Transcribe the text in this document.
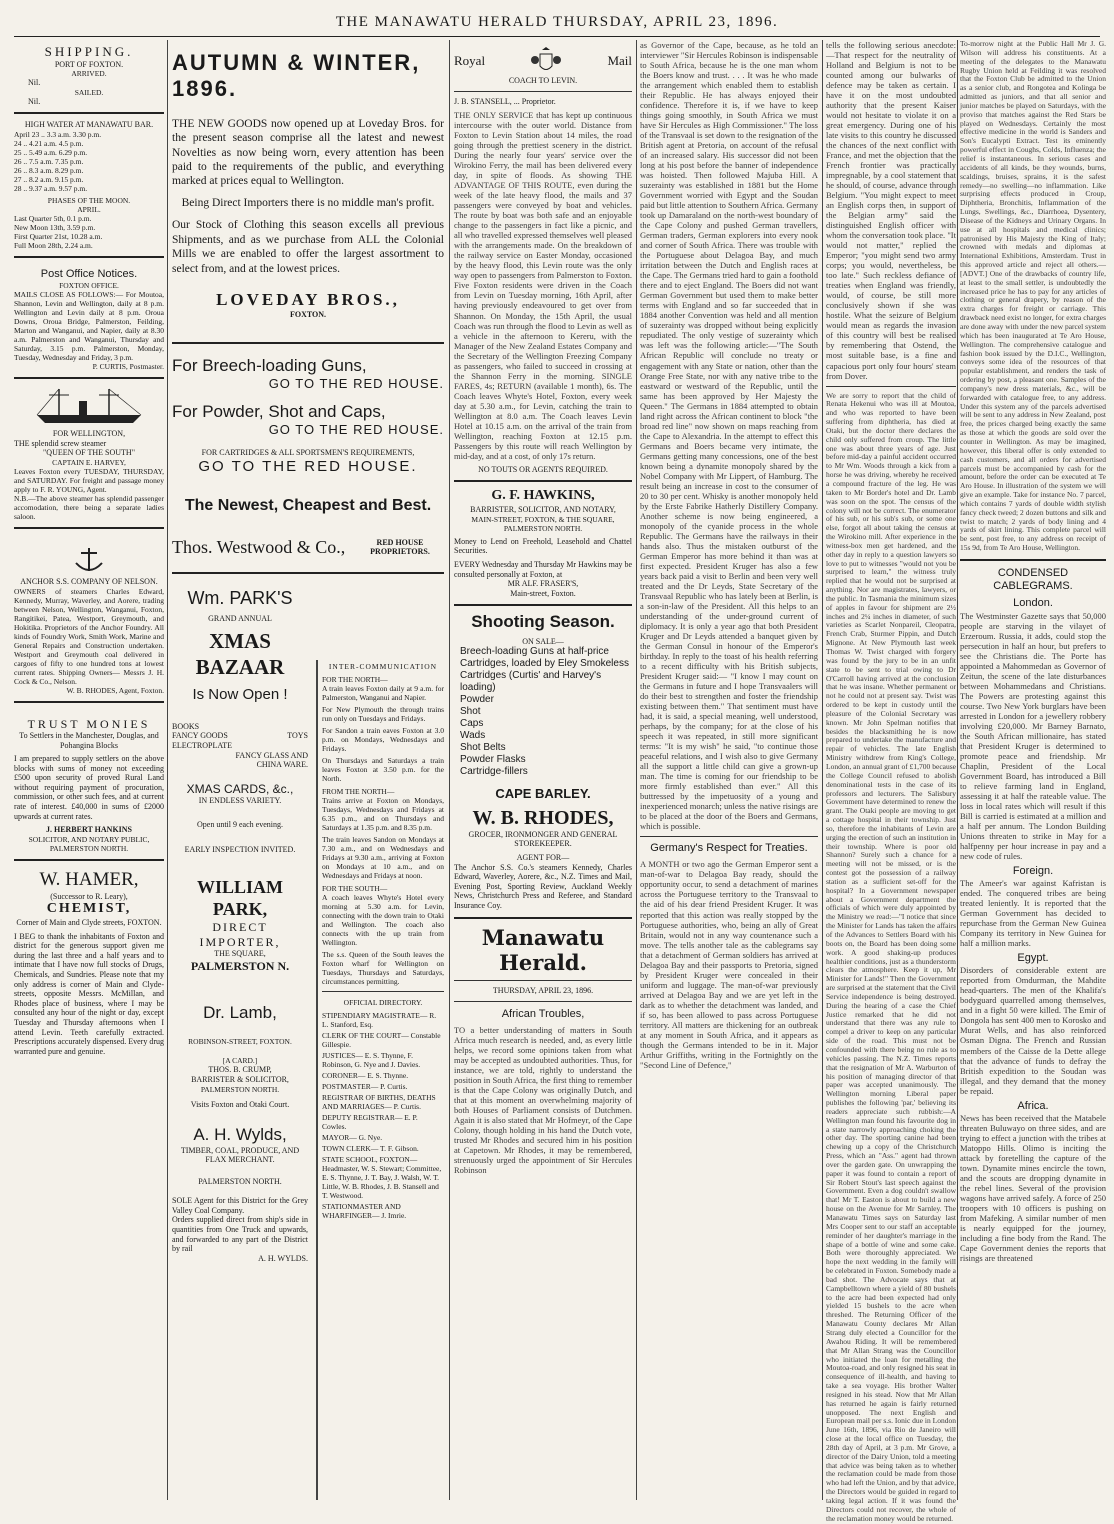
THE MANAWATU HERALD THURSDAY, APRIL 23, 1896.
SHIPPING.
PORT OF FOXTON.
ARRIVED.
Nil.
SAILED.
Nil.
HIGH WATER AT MANAWATU BAR.
April 23 .. 3.3 a.m. 3.30 p.m.
24 .. 4.21 a.m. 4.5 p.m.
25 .. 5.49 a.m. 6.29 p.m.
26 .. 7.5 a.m. 7.35 p.m.
26 .. 8.3 a.m. 8.29 p.m.
27 .. 8.2 a.m. 9.15 p.m.
28 .. 9.37 a.m. 9.57 p.m.
PHASES OF THE MOON.
APRIL.
Last Quarter 5th, 0.1 p.m.
New Moon 13th, 3.59 p.m.
First Quarter 21st, 10.28 a.m.
Full Moon 28th, 2.24 a.m.
Post Office Notices.
FOXTON OFFICE.
MAILS CLOSE AS FOLLOWS:— For Moutoa, Shannon, Levin and Wellington, daily at 8 p.m. Wellington and Levin daily at 8 p.m. Oroua Downs, Oroua Bridge, Palmerston, Feilding, Marton and Wanganui, and Napier, daily at 8.30 a.m. Palmerston and Wanganui, Thursday and Saturday, 3.15 p.m. Palmerston, Monday, Tuesday, Wednesday and Friday, 3 p.m.
P. CURTIS, Postmaster.
FOR WELLINGTON,
THE splendid screw steamer
"QUEEN OF THE SOUTH"
CAPTAIN E. HARVEY,
Leaves Foxton every TUESDAY, THURSDAY, and SATURDAY. For freight and passage money apply to F. R. YOUNG, Agent.
N.B.—The above steamer has splendid passenger accomodation, there being a separate ladies saloon.
ANCHOR S.S. COMPANY OF NELSON.
OWNERS of steamers Charles Edward, Kennedy, Murray, Waverley, and Aorere, trading between Nelson, Wellington, Wanganui, Foxton, Rangitikei, Patea, Westport, Greymouth, and Hokitika. Proprietors of the Anchor Foundry. All kinds of Foundry Work, Smith Work, Marine and General Repairs and Construction undertaken. Westport and Greymouth coal delivered in cargoes of fifty to one hundred tons at lowest current rates. Shipping Owners— Messrs J. H. Cock & Co., Nelson.
W. B. RHODES, Agent, Foxton.
TRUST MONIES
To Settlers in the Manchester, Douglas, and Pohangina Blocks
I am prepared to supply settlers on the above blocks with sums of money not exceeding £500 upon security of proved Rural Land without requiring payment of procuration, commission, or other such fees, and at current rate of interest. £40,000 in sums of £2000 upwards at current rates.
J. HERBERT HANKINS
SOLICITOR, AND NOTARY PUBLIC, PALMERSTON NORTH.
W. HAMER,
(Successor to R. Leary),
CHEMIST,
Corner of Main and Clyde streets, FOXTON.
I BEG to thank the inhabitants of Foxton and district for the generous support given me during the last three and a half years and to intimate that I have now full stocks of Drugs, Chemicals, and Sundries. Please note that my only address is corner of Main and Clyde-streets, opposite Messrs. McMillan, and Rhodes place of business, where I may be consulted any hour of the night or day, except Tuesday and Thursday afternoons when I attend Levin. Teeth carefully extracted. Prescriptions accurately dispensed. Every drug warranted pure and genuine.
AUTUMN & WINTER, 1896.
THE NEW GOODS now opened up at Loveday Bros. for the present season comprise all the latest and newest Novelties as now being worn, every attention has been paid to the requirements of the public, and everything marked at prices equal to Wellington.
Being Direct Importers there is no middle man's profit.
Our Stock of Clothing this season excells all previous Shipments, and as we purchase from ALL the Colonial Mills we are enabled to offer the largest assortment to select from, and at the lowest prices.
LOVEDAY BROS.,
FOXTON.
For Breech-loading Guns,
GO TO THE RED HOUSE.
For Powder, Shot and Caps,
GO TO THE RED HOUSE.
FOR CARTRIDGES & ALL SPORTSMEN'S REQUIREMENTS,
GO TO THE RED HOUSE.
The Newest, Cheapest and Best.
Thos. Westwood & Co.,	RED HOUSE PROPRIETORS.
Wm. PARK'S
GRAND ANNUAL
XMAS BAZAAR
Is Now Open !
BOOKS
FANCY GOODS	TOYS
ELECTROPLATE
FANCY GLASS AND
CHINA WARE.
XMAS CARDS, &c.,
IN ENDLESS VARIETY.
Open until 9 each evening.
EARLY INSPECTION INVITED.
WILLIAM PARK,
DIRECT IMPORTER,
THE SQUARE,
PALMERSTON N.
Dr. Lamb,
ROBINSON-STREET, FOXTON.
[A CARD.]
THOS. B. CRUMP,
BARRISTER & SOLICITOR,
PALMERSTON NORTH.
Visits Foxton and Otaki Court.
A. H. Wylds,
TIMBER, COAL, PRODUCE, AND FLAX MERCHANT.
PALMERSTON NORTH.
SOLE Agent for this District for the Grey Valley Coal Company.
Orders supplied direct from ship's side in quantities from One Truck and upwards, and forwarded to any part of the District by rail
A. H. WYLDS.
INTER-COMMUNICATION
FOR THE NORTH—
A train leaves Foxton daily at 9 a.m. for Palmerston, Wanganui and Napier.
For New Plymouth the through trains run only on Tuesdays and Fridays.
For Sandon a train eaves Foxton at 3.0 p.m. on Mondays, Wednesdays and Fridays.
On Thursdays and Saturdays a train leaves Foxton at 3.50 p.m. for the North.
FROM THE NORTH—
Trains arrive at Foxton on Mondays, Tuesdays, Wednesdays and Fridays at 6.35 p.m., and on Thursdays and Saturdays at 1.35 p.m. and 8.35 p.m.
The train leaves Sandon on Mondays at 7.30 a.m., and on Wednesdays and Fridays at 9.30 a.m., arriving at Foxton on Mondays at 10 a.m., and on Wednesdays and Fridays at noon.
FOR THE SOUTH—
A coach leaves Whyte's Hotel every morning at 5.30 a.m. for Levin, connecting with the down train to Otaki and Wellington. The coach also connects with the up train from Wellington.
The s.s. Queen of the South leaves the Foxton wharf for Wellington on Tuesdays, Thursdays and Saturdays, circumstances permitting.
OFFICIAL DIRECTORY.

STIPENDIARY MAGISTRATE— R. L. Stanford, Esq.

CLERK OF THE COURT— Constable Gillespie.

JUSTICES— E. S. Thynne, F. Robinson, G. Nye and J. Davies.

CORONER— E. S. Thynne.

POSTMASTER— P. Curtis.

REGISTRAR OF BIRTHS, DEATHS AND MARRIAGES— P. Curtis.

DEPUTY REGISTRAR— E. P. Cowles.

MAYOR— G. Nye.

TOWN CLERK— T. F. Gibson.

STATE SCHOOL, FOXTON— Headmaster, W. S. Stewart; Committee, E. S. Thynne, J. T. Bay, J. Walsh, W. T. Little, W. B. Rhodes, J. B. Stansell and T. Westwood.

STATIONMASTER AND WHARFINGER— J. Imrie.

Royal	Mail
COACH TO LEVIN.
J. B. STANSELL, ... Proprietor.
THE ONLY SERVICE that has kept up continuous intercourse with the outer world. Distance from Foxton to Levin Station about 14 miles, the road going through the prettiest scenery in the district. During the nearly four years' service over the Wirokino Ferry, the mail has been delivered every day, in spite of floods. As showing THE ADVANTAGE OF THIS ROUTE, even during the week of the late heavy flood, the mails and 37 passengers were conveyed by boat and vehicles. The route by boat was both safe and an enjoyable change to the passengers in fact like a picnic, and all who travelled expressed themselves well pleased with the arrangements made. On the breakdown of the railway service on Easter Monday, occasioned by the heavy flood, this Levin route was the only way open to passengers from Palmerston to Foxton. Five Foxton residents were driven in the Coach from Levin on Tuesday morning, 16th April, after having previously endeavoured to get over from Shannon. On Monday, the 15th April, the usual Coach was run through the flood to Levin as well as a vehicle in the afternoon to Kereru, with the Manager of the New Zealand Estates Company and the Secretary of the Wellington Freezing Company as passengers, who failed to succeed in crossing at the Shannon Ferry in the morning. SINGLE FARES, 4s; RETURN (available 1 month), 6s. The Coach leaves Whyte's Hotel, Foxton, every week day at 5.30 a.m., for Levin, catching the train to Wellington at 8.0 a.m. The Coach leaves Levin Hotel at 10.15 a.m. on the arrival of the train from Wellington, reaching Foxton at 12.15 p.m. Passengers by this route will reach Wellington by mid-day, and at a cost, of only 17s return.
NO TOUTS OR AGENTS REQUIRED.
G. F. HAWKINS,
BARRISTER, SOLICITOR, AND NOTARY,
MAIN-STREET, FOXTON, & THE SQUARE, PALMERSTON NORTH.
Money to Lend on Freehold, Leasehold and Chattel Securities.
EVERY Wednesday and Thursday Mr Hawkins may be consulted personally at Foxton, at
MR ALF. FRASER'S,
Main-street, Foxton.
Shooting Season.
ON SALE—
Breech-loading Guns at half-price
Cartridges, loaded by Eley Smokeless Cartridges (Curtis' and Harvey's loading)
Powder
Shot
Caps
Wads
Shot Belts
Powder Flasks
Cartridge-fillers
CAPE BARLEY.
W. B. RHODES,
GROCER, IRONMONGER AND GENERAL STOREKEEPER.
AGENT FOR—
The Anchor S.S. Co.'s steamers Kennedy, Charles Edward, Waverley, Aorere, &c., N.Z. Times and Mail, Evening Post, Sporting Review, Auckland Weekly News, Christchurch Press and Referee, and Standard Insurance Coy.
Manawatu Herald.
THURSDAY, APRIL 23, 1896.
African Troubles,
TO a better understanding of matters in South Africa much research is needed, and, as every little helps, we record some opinions taken from what may be accepted as undoubted authorities. Thus, for instance, we are told, rightly to understand the position in South Africa, the first thing to remember is that the Cape Colony was originally Dutch, and that at this moment an overwhelming majority of both Houses of Parliament consists of Dutchmen. Again it is also stated that Mr Hofmeyr, of the Cape Colony, though holding in his hand the Dutch vote, trusted Mr Rhodes and secured him in his position at Capetown. Mr Rhodes, it may be remembered, strenuously urged the appointment of Sir Hercules Robinson
as Governor of the Cape, because, as he told an interviewer "Sir Hercules Robinson is indispensable to South Africa, because he is the one man whom the Boers know and trust. . . . It was he who made the arrangement which enabled them to establish their Republic. He has always enjoyed their confidence. Therefore it is, if we have to keep things going smoothly, in South Africa we must have Sir Hercules as High Commissioner." The loss of the Transvaal is set down to the resignation of the British agent at Pretoria, on account of the refusal of an increased salary. His successor did not been long at his post before the banner of independence was hoisted. Then followed Majuba Hill. A suzerainty was established in 1881 but the Home Government worried with Egypt and the Soudan paid but little attention to Southern Africa. Germany took up Damaraland on the north-west boundary of the Cape Colony and pushed German travellers, German traders, German explorers into every nook and corner of South Africa. There was trouble with the Portuguese about Delagoa Bay, and much irritation between the Dutch and English races at the Cape. The Germans tried hard to gain a foothold there and to eject England. The Boers did not want German Government but used them to make better terms with England and so far succeeded that in 1884 another Convention was held and all mention of suzerainty was dropped without being explicitly repudiated. The only vestige of suzerainty which was left was the following article:—"The South African Republic will conclude no treaty or engagement with any State or nation, other than the Orange Free State, nor with any native tribe to the eastward or westward of the Republic, until the same has been approved by Her Majesty the Queen." The Germans in 1884 attempted to obtain land right across the African continent to block "the broad red line" now shown on maps reaching from the Cape to Alexandria. In the attempt to effect this Germans and Boers became very intimate, the Germans getting many concessions, one of the best known being a dynamite monopoly shared by the Nobel Company with Mr Lippert, of Hamburg. The result being an increase in cost to the consumer of 20 to 30 per cent. Whisky is another monopoly held by the Erste Fabrike Hatherly Distillery Company. Another scheme is now being engineered, a monopoly of the cyanide process in the whole Republic. The Germans have the railways in their hands also. Thus the mistaken outburst of the German Emperor has more behind it than was at first expected. President Kruger has also a few years back paid a visit to Berlin and been very well treated and the Dr Leyds, State Secretary of the Transvaal Republic who has lately been at Berlin, is a son-in-law of the President. All this helps to an understanding of the under-ground current of diplomacy. It is only a year ago that both President Kruger and Dr Leyds attended a banquet given by the German Consul in honour of the Emperor's birthday. In reply to the toast of his health referring to a recent difficulty with his British subjects, President Kruger said:— "I know I may count on the Germans in future and I hope Transvaalers will do their best to strengthen and foster the friendship existing between them." That sentiment must have had, it is said, a special meaning, well understood, perhaps, by the company; for at the close of his speech it was repeated, in still more significant terms: "It is my wish" he said, "to continue those peaceful relations, and I wish also to give Germany all the support a little child can give a grown-up man. The time is coming for our friendship to be more firmly established than ever." All this buttressed by the impetuosity of a young and inexperienced monarch; unless the native risings are to be placed at the door of the Boers and Germans, which is possible.
Germany's Respect for Treaties.
A MONTH or two ago the German Emperor sent a man-of-war to Delagoa Bay ready, should the opportunity occur, to send a detachment of marines across the Portuguese territory to the Transvaal to the aid of his dear friend President Kruger. It was reported that this action was really stopped by the Portuguese authorities, who, being an ally of Great Britain, would not in any way countenance such a move. The tells another tale as the cablegrams say that a detachment of German soldiers has arrived at Delagoa Bay and their passports to Pretoria, signed by President Kruger were concealed in their uniform and luggage. The man-of-war previously arrived at Delagoa Bay and we are yet left in the dark as to whether the detachment was landed, and if so, has been allowed to pass across Portuguese territory. All matters are thickening for an outbreak at any moment in South Africa, and it appears as though the Germans intended to be in it. Major Arthur Griffiths, writing in the Fortnightly on the "Second Line of Defence,"
tells the following serious anecdote: —That respect for the neutrality of Holland and Belgium is not to be counted among our bulwarks of defence may be taken as certain. I have it on the most undoubted authority that the present Kaiser would not hesitate to violate it on a great emergency. During one of his late visits to this country he discussed the chances of the next conflict with France, and met the objection that the French frontier was practically impregnable, by a cool statement that he should, of course, advance through Belgium. "You might expect to meet an English corps then, in support of the Belgian army" said the distinguished English officer with whom the conversation took place. "It would not matter," replied the Emperor; "you might send two army corps; you would, nevertheless, be too late." Such reckless defiance of treaties when England was friendly, would, of course, be still more conclusively shown if she was hostile. What the seizure of Belgium would mean as regards the invasion of this country will best be realised by remembering that Ostend, the most suitable base, is a fine and capacious port only four hours' steam from Dover.
We are sorry to report that the child of Renata Hekenui who was ill at Moutoa, and who was reported to have been suffering from diphtheria, has died at Otaki, but the doctor there declares the child only suffered from croup. The little one was about three years of age. Just before mid-day a painful accident occurred to Mr Wm. Woods through a kick from a horse he was driving, whereby he received a compound fracture of the leg. He was taken to Mr Border's hotel and Dr. Lamb was soon on the spot. The census of the colony will not be correct. The enumerator of his sub, or his sub's sub, or some one else, forgot all about taking the census at the Wirokino mill. After experience in the witness-box men get hardened, and the other day in reply to a question lawyers so love to put to witnesses "would not you be surprised to learn," the witness truly replied that he would not be surprised at anything. Nor are magistrates, lawyers, or the public. In Tasmania the minimum sizes of apples in favour for shipment are 2½ inches and 2¼ inches in diameter, of such varieties as Scarlet Nonpareil, Cleopatra, French Crab, Sturmer Pippin, and Dutch Mignone. At New Plymouth last week Thomas W. Twist charged with forgery was found by the jury to be in an unfit state to be sent to trial owing to Dr O'Carroll having arrived at the conclusion that he was insane. Whether permanent or not he could not at present say. Twist was ordered to be kept in custody until the pleasure of the Colonial Secretary was known. Mr John Spelman notifies that besides the blacksmithing he is now prepared to undertake the manufacture and repair of vehicles. The late English Ministry withdrew from King's College, London, an annual grant of £1,700 because the College Council refused to abolish denominational tests in the case of its professors and lecturers. The Salisbury Government have determined to renew the grant. The Otaki people are moving to get a cottage hospital in their township. Just so, therefore the inhabitants of Levin are urging the erection of such an institution in their township. Where is poor old Shannon? Surely such a chance for a meeting will not be missed, or is the contest got the possession of a railway station as a sufficient set-off for the hospital? In a Government newspaper about a Government department the officials of which were duly appointed by the Ministry we read:—"I notice that since the Minister for Lands has taken the affairs of the Advances to Settlers Board with his boots on, the Board has been doing some work. A good shaking-up produces healthier conditions, just as a thunderstorm clears the atmosphere. Keep it up, Mr Minister for Lands!" Then the Government are surprised at the statement that the Civil Service independence is being destroyed. During the hearing of a case the Chief Justice remarked that he did not understand that there was any rule to compel a driver to keep on any particular side of the road. This must not be confounded with there being no rule as to vehicles passing. The N.Z. Times reports that the resignation of Mr A. Warburton of his position of managing director of that paper was accepted unanimously. The Wellington morning Liberal paper publishes the following 'par,' believing its readers appreciate such rubbish:—A Wellington man found his favourite dog in a state narrowly approaching choking the other day. The sporting canine had been chewing up a copy of the Christchurch Press, which an "Ass." agent had thrown over the garden gate. On unwrapping the paper it was found to contain a report of Sir Robert Stout's last speech against the Government. Even a dog couldn't swallow that! Mr T. Easton is about to build a new house on the Avenue for Mr Sarnley. The Manawatu Times says on Saturday last Mrs Cooper sent to our staff an acceptable reminder of her daughter's marriage in the shape of a bottle of wine and some cake. Both were thoroughly appreciated. We hope the next wedding in the family will be celebrated in Foxton. Somebody made a bad shot. The Advocate says that at Campbelltown where a yield of 80 bushels to the acre had been expected had only yielded 15 bushels to the acre when threshed. The Returning Officer of the Manawatu County declares Mr Allan Strang duly elected a Councillor for the Awahou Riding. It will be remembered that Mr Allan Strang was the Councillor who initiated the loan for metalling the Moutoa-road, and only resigned his seat in consequence of ill-health, and having to take a sea voyage. His brother Walter resigned in his stead. Now that Mr Allan has returned he again is fairly returned unopposed. The next English and European mail per s.s. Ionic due in London June 16th, 1896, via Rio de Janeiro will close at the local office on Tuesday, the 28th day of April, at 3 p.m. Mr Grove, a director of the Dairy Union, told a meeting that advice was being taken as to whether the reclamation could be made from those who had left the Union, and by that advice, the Directors would be guided in regard to taking legal action. If it was found the Directors could not recover, the whole of the reclamation money would be returned.
To-morrow night at the Public Hall Mr J. G. Wilson will address his constituents. At a meeting of the delegates to the Manawatu Rugby Union held at Feilding it was resolved that the Foxton Club be admitted to the Union as a senior club, and Rongotea and Kolinga be admitted as juniors, and that all senior and junior matches be played on Saturdays, with the proviso that matches against the Red Stars be played on Wednesdays. Certainly the most effective medicine in the world is Sanders and Son's Eucalypti Extract. Test its eminently powerful effect in Coughs, Colds, Influenza; the relief is instantaneous. In serious cases and accidents of all kinds, be they wounds, burns, scaldings, bruises, sprains, it is the safest remedy—no swelling—no inflammation. Like surprising effects produced in Croup, Diphtheria, Bronchitis, Inflammation of the Lungs, Swellings, &c., Diarrhoea, Dysentery, Disease of the Kidneys and Urinary Organs. In use at all hospitals and medical clinics; patronised by His Majesty the King of Italy; crowned with medals and diplomas at International Exhibitions, Amsterdam. Trust in this approved article and reject all others.— [ADVT.] One of the drawbacks of country life, at least to the small settler, is undoubtedly the increased price he has to pay for any articles of clothing or general drapery, by reason of the extra charges for freight or carriage. This drawback need exist no longer, for extra charges are done away with under the new parcel system which has been inaugurated at Te Aro House, Wellington. The comprehensive catalogue and fashion book issued by the D.I.C., Wellington, conveys some idea of the resources of that popular establishment, and renders the task of ordering by post, a pleasant one. Samples of the company's new dress materials, &c., will be forwarded with catalogue free, to any address. Under this system any of the parcels advertised will be sent to any address in New Zealand, post free, the prices charged being exactly the same as those at which the goods are sold over the counter in Wellington. As may be imagined, however, this liberal offer is only extended to cash customers, and all orders for advertised parcels must be accompanied by cash for the amount, before the order can be executed at Te Aro House. In illustration of the system we will give an example. Take for instance No. 7 parcel, which contains 7 yards of double width stylish fancy check tweed; 2 dozen buttons and silk and twist to match; 2 yards of body lining and 4 yards of skirt lining. This complete parcel will be sent, post free, to any address on receipt of 15s 9d, from Te Aro House, Wellington.
CONDENSED CABLEGRAMS.
London.
The Westminster Gazette says that 50,000 people are starving in the vilayet of Erzeroum. Russia, it adds, could stop the persecution in half an hour, but prefers to see the Christians die. The Porte has appointed a Mahommedan as Governor of Zeitun, the scene of the late disturbances between Mohammedans and Christians. The Powers are protesting against this course. Two New York burglars have been arrested in London for a jewellery robbery involving £20,000. Mr Barney Barnato, the South African millionaire, has stated that President Kruger is determined to promote peace and friendship. Mr Chaplin, President of the Local Government Board, has introduced a Bill to relieve farming land in England, assessing it at half the rateable value. The loss in local rates which will result if this Bill is carried is estimated at a million and a half per annum. The London Building Unions threaten to strike in May for a halfpenny per hour increase in pay and a new code of rules.
Foreign.
The Ameer's war against Kafristan is ended. The conquered tribes are being treated leniently. It is reported that the German Government has decided to repurchase from the German New Guinea Company its territory in New Guinea for half a million marks.
Egypt.
Disorders of considerable extent are reported from Omdurman, the Mahdite head-quarters. The men of the Khalifa's bodyguard quarrelled among themselves, and in a fight 50 were killed. The Emir of Dongola has sent 400 men to Korosko and Murat Wells, and has also reinforced Osman Digna. The French and Russian members of the Caisse de la Dette allege that the advance of funds to defray the British expedition to the Soudan was illegal, and they demand that the money be repaid.
Africa.
News has been received that the Matabele threaten Buluwayo on three sides, and are trying to effect a junction with the tribes at Matoppo Hills. Olimo is inciting the attack by foretelling the capture of the town. Dynamite mines encircle the town, and the scouts are dropping dynamite in the rebel lines. Several of the provision wagons have arrived safely. A force of 250 troopers with 10 officers is pushing on from Mafeking. A similar number of men is nearly equipped for the journey, including a fine body from the Rand. The Cape Government denies the reports that risings are threatened
